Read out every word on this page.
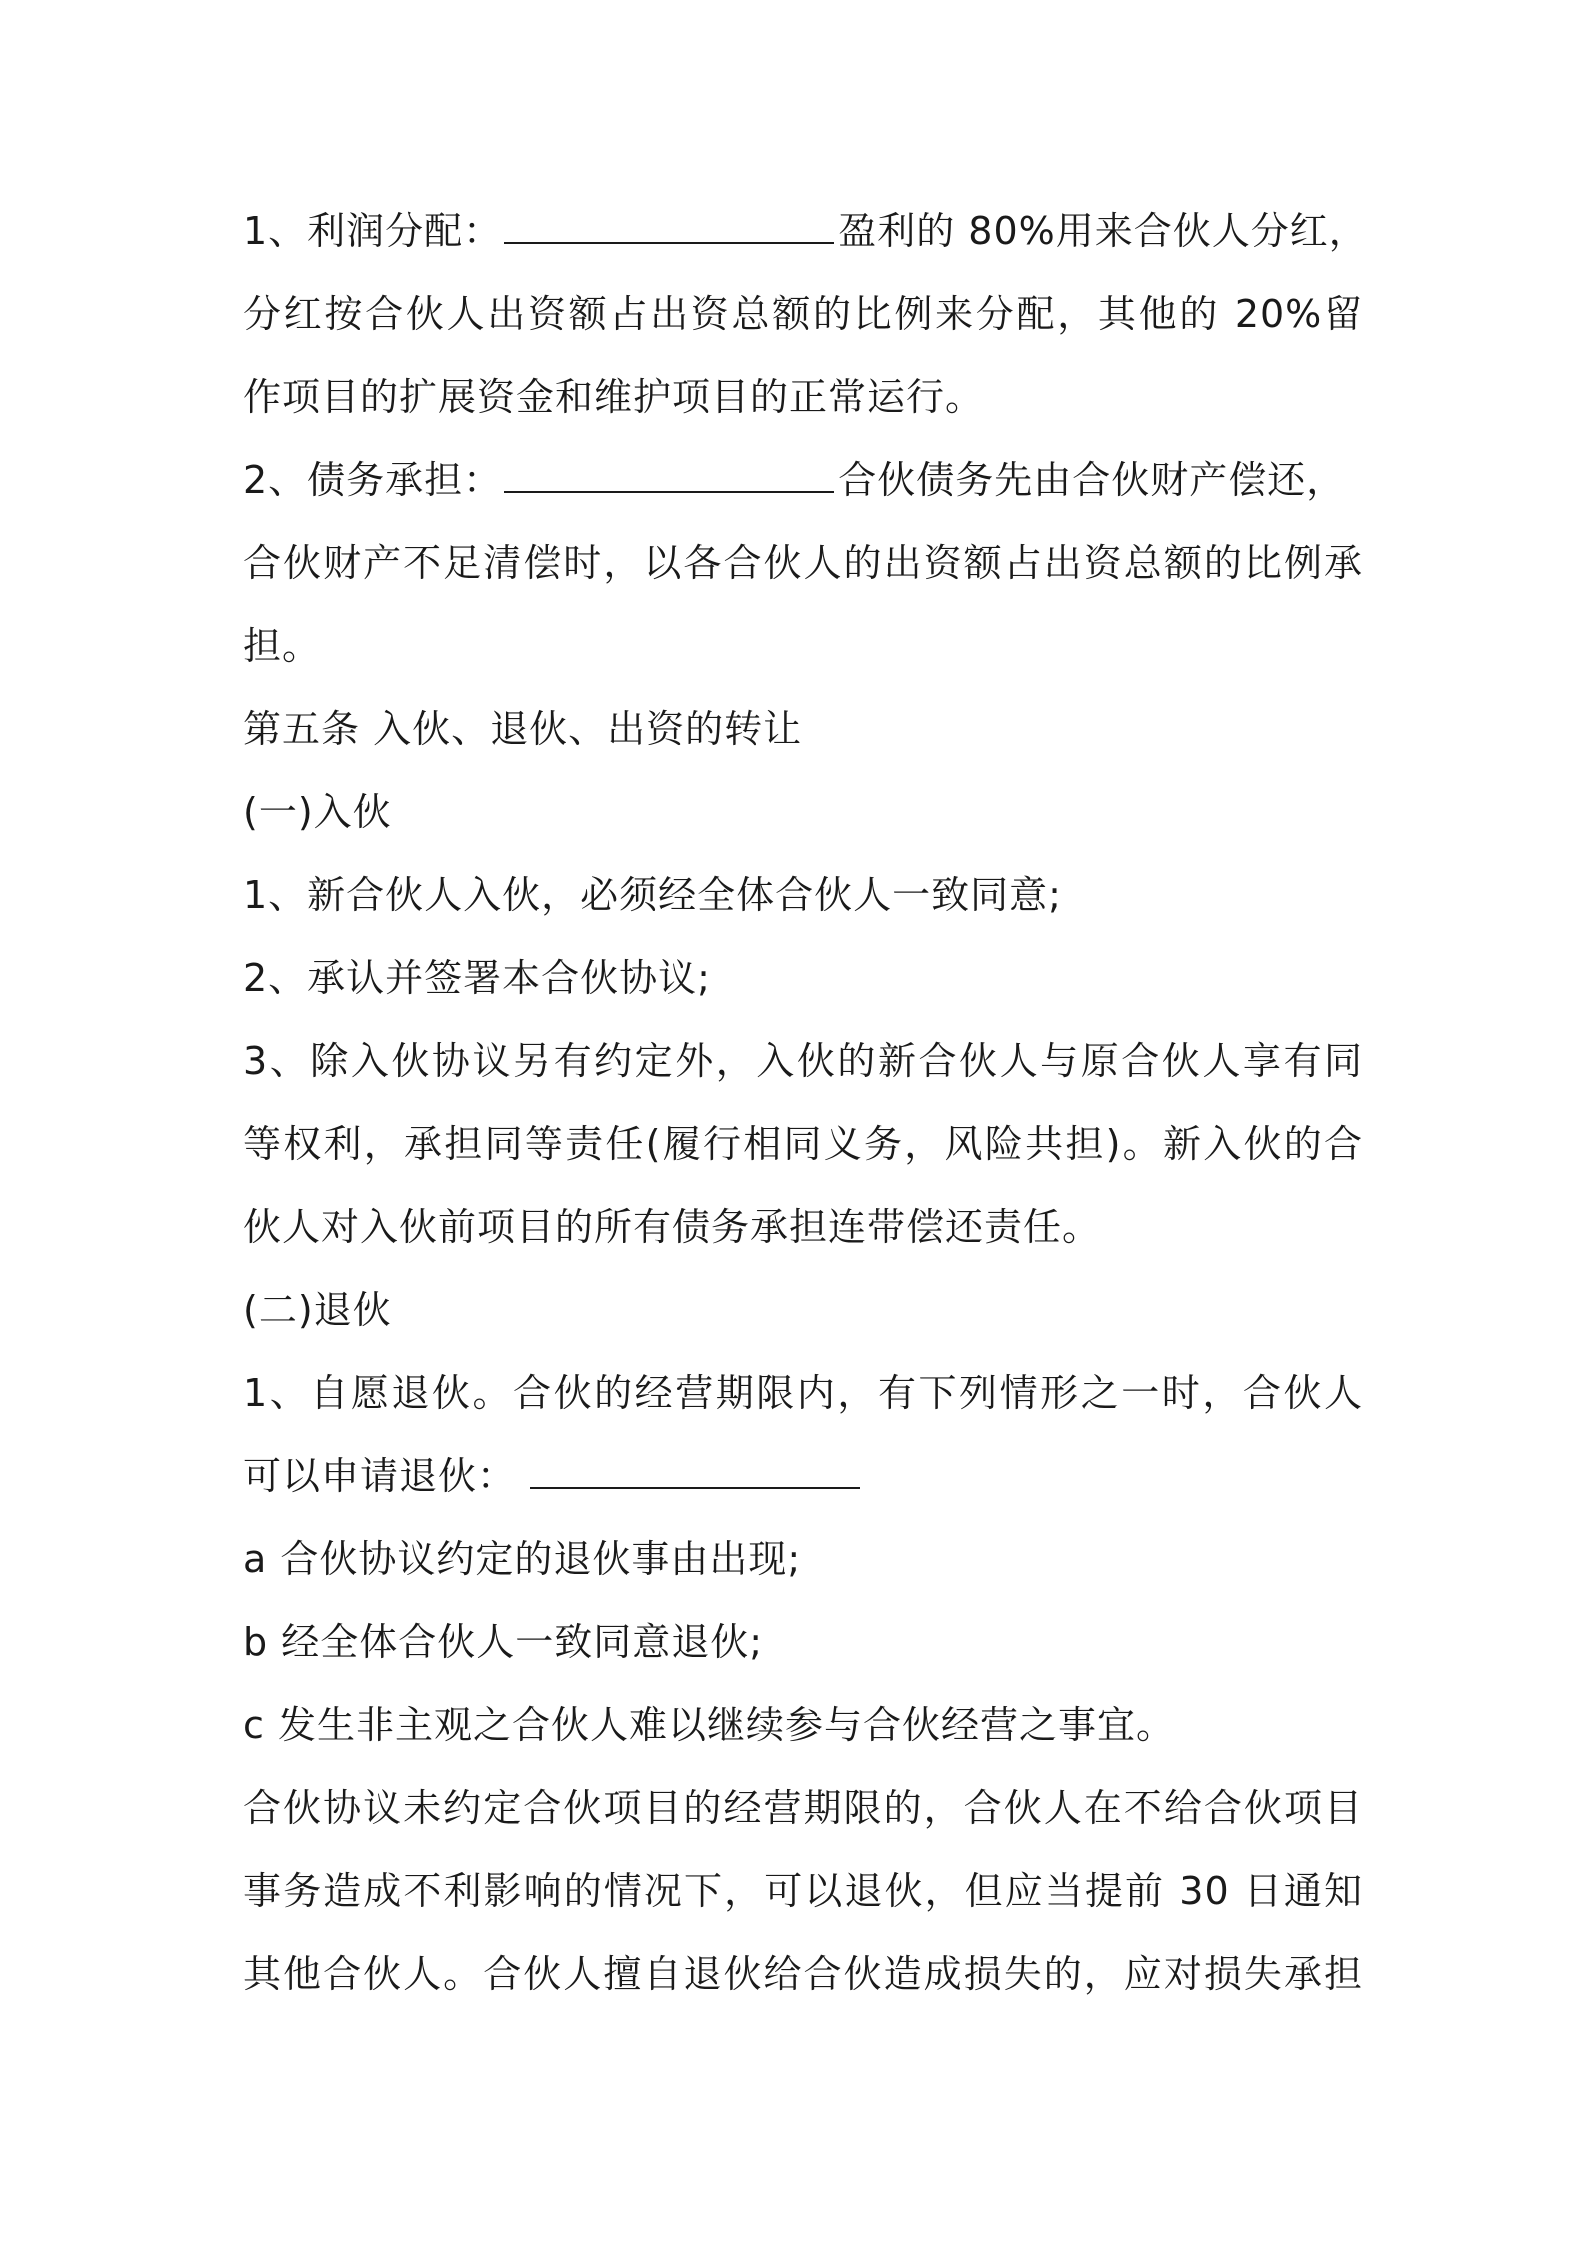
1、利润分配：	盈利的 80%用来合伙人分红，
分红按合伙人出资额占出资总额的比例来分配，其他的 20%留
作项目的扩展资金和维护项目的正常运行。
2、债务承担：	合伙债务先由合伙财产偿还，
合伙财产不足清偿时，以各合伙人的出资额占出资总额的比例承
担。
第五条 入伙、退伙、出资的转让
(一)入伙
1、新合伙人入伙，必须经全体合伙人一致同意;
2、承认并签署本合伙协议;
3、除入伙协议另有约定外，入伙的新合伙人与原合伙人享有同
等权利，承担同等责任(履行相同义务，风险共担)。新入伙的合
伙人对入伙前项目的所有债务承担连带偿还责任。
(二)退伙
1、自愿退伙。合伙的经营期限内，有下列情形之一时，合伙人
可以申请退伙：
a 合伙协议约定的退伙事由出现;
b 经全体合伙人一致同意退伙;
c 发生非主观之合伙人难以继续参与合伙经营之事宜。
合伙协议未约定合伙项目的经营期限的，合伙人在不给合伙项目
事务造成不利影响的情况下，可以退伙，但应当提前 30 日通知
其他合伙人。合伙人擅自退伙给合伙造成损失的，应对损失承担
